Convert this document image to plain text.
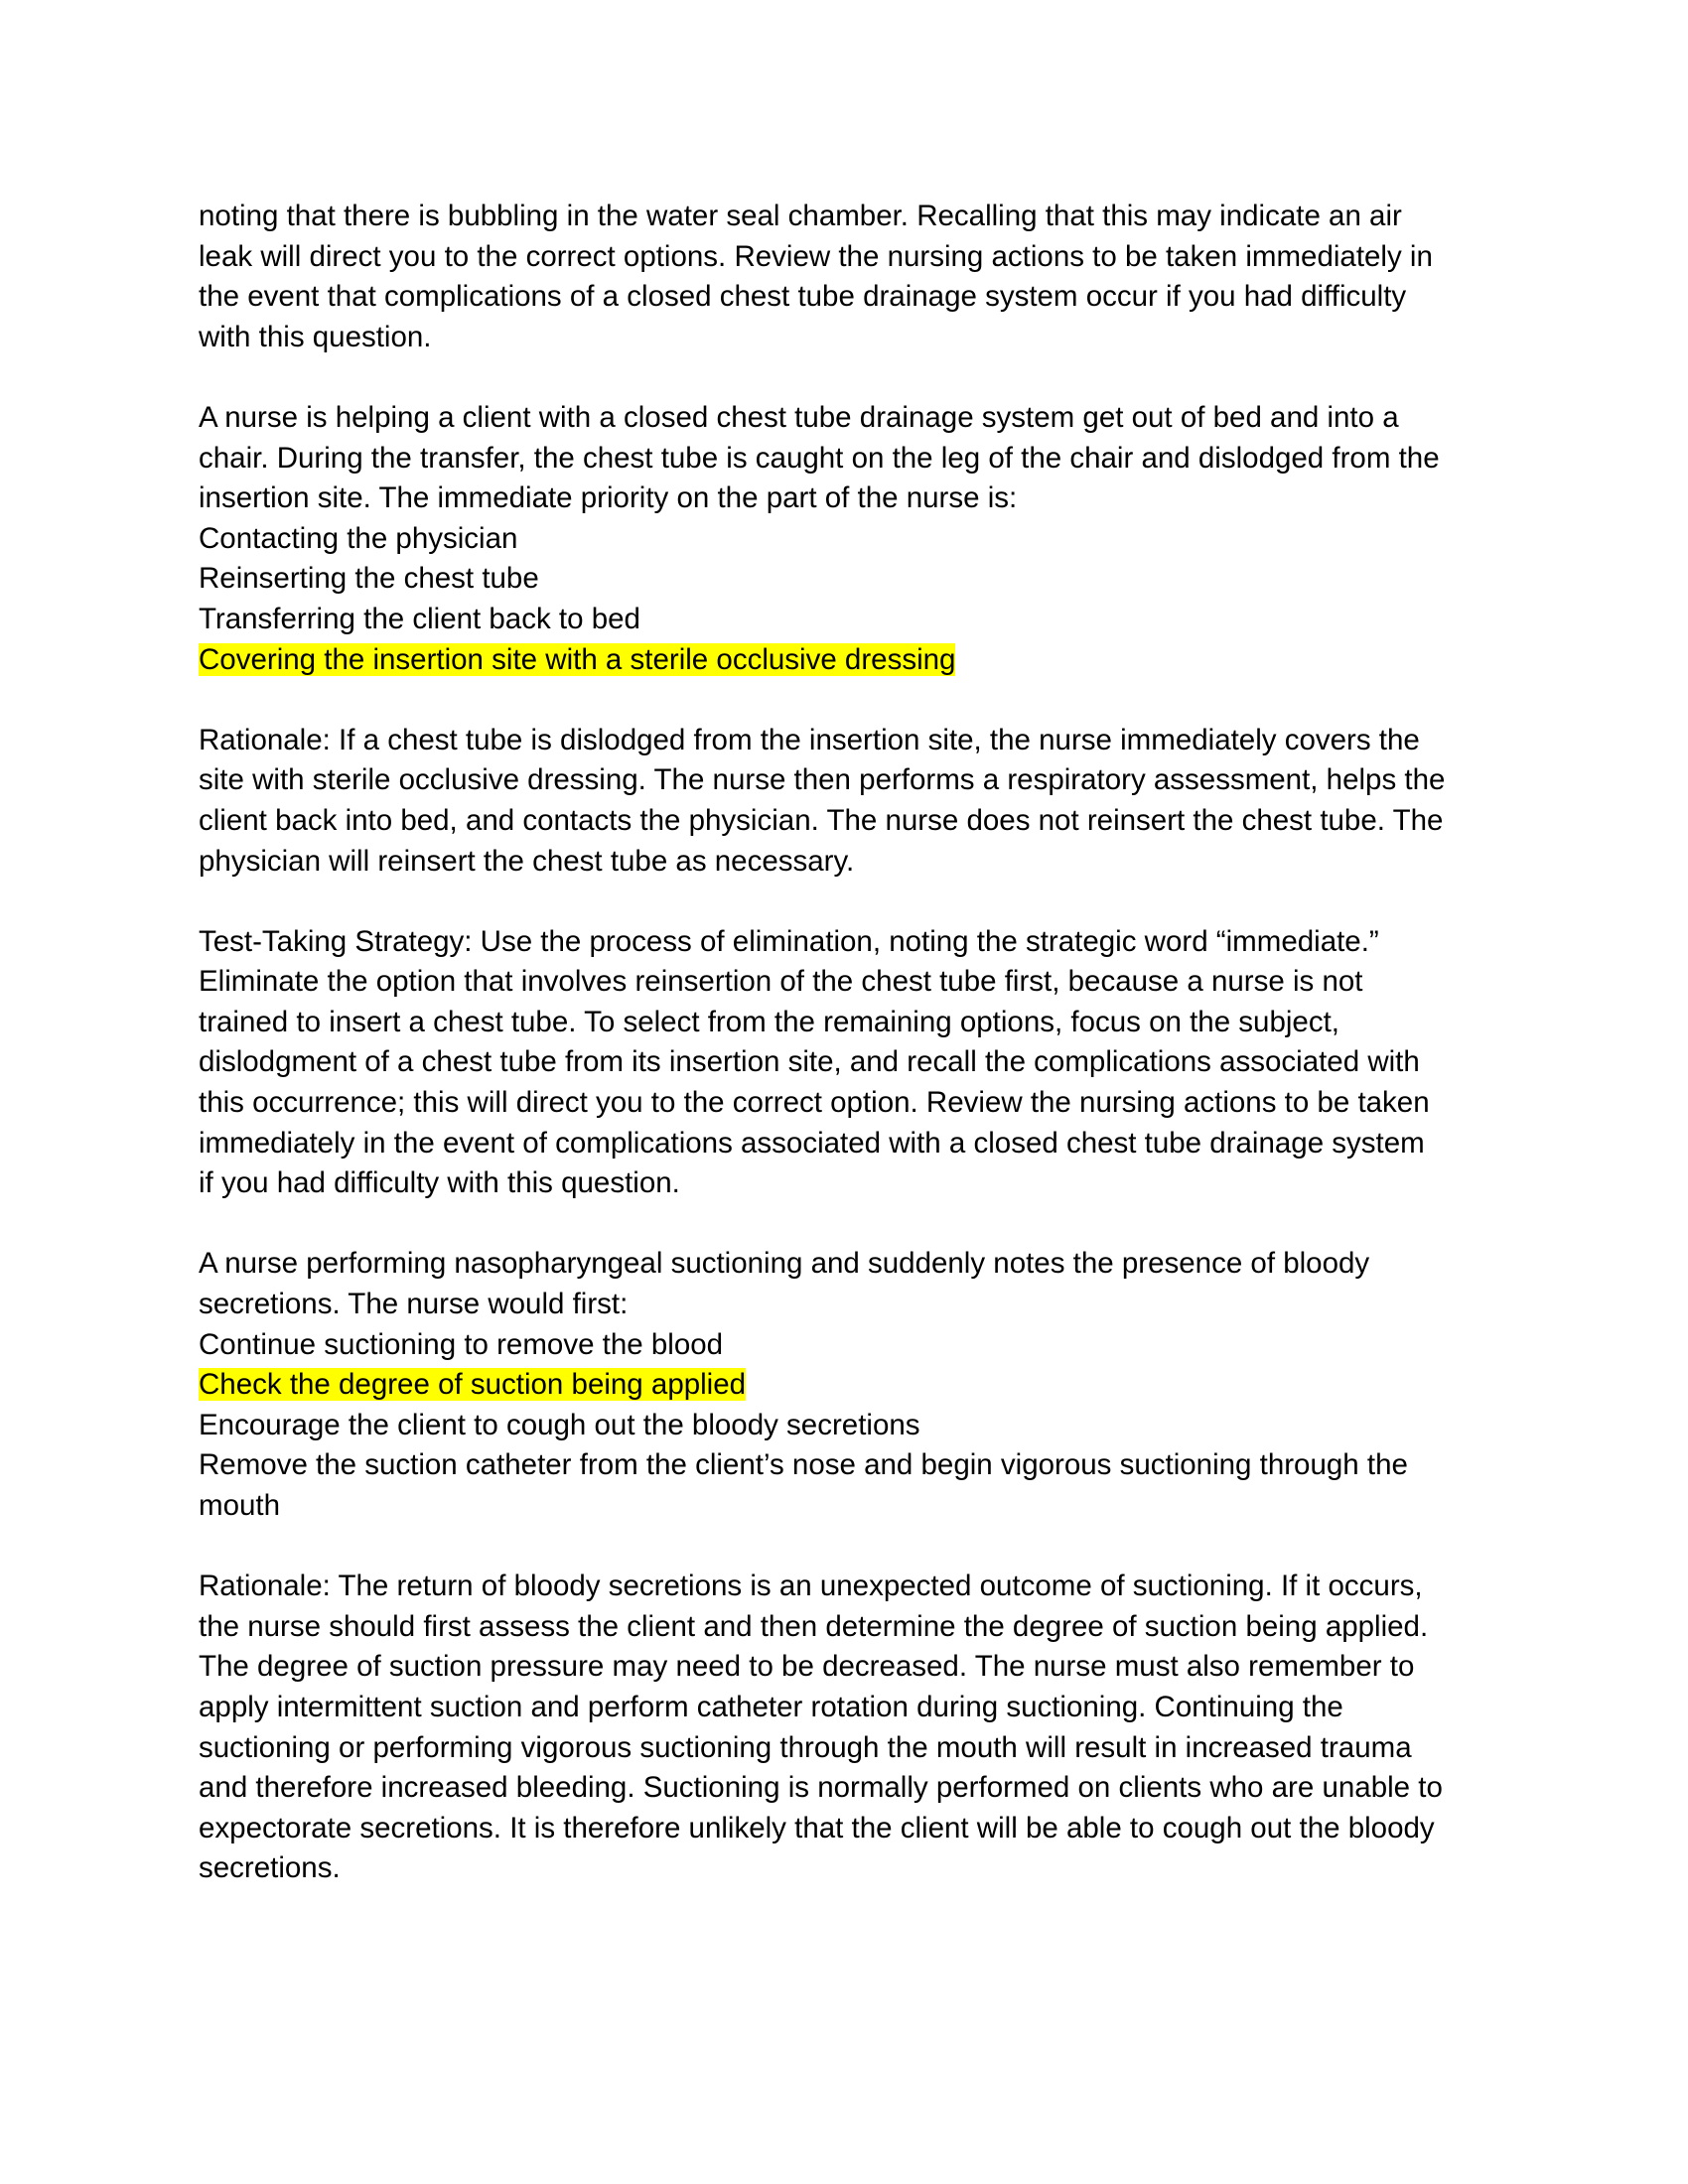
noting that there is bubbling in the water seal chamber. Recalling that this may indicate an air
leak will direct you to the correct options. Review the nursing actions to be taken immediately in
the event that complications of a closed chest tube drainage system occur if you had difficulty
with this question.
A nurse is helping a client with a closed chest tube drainage system get out of bed and into a
chair. During the transfer, the chest tube is caught on the leg of the chair and dislodged from the
insertion site. The immediate priority on the part of the nurse is:
Contacting the physician
Reinserting the chest tube
Transferring the client back to bed
Covering the insertion site with a sterile occlusive dressing
Rationale: If a chest tube is dislodged from the insertion site, the nurse immediately covers the
site with sterile occlusive dressing. The nurse then performs a respiratory assessment, helps the
client back into bed, and contacts the physician. The nurse does not reinsert the chest tube. The
physician will reinsert the chest tube as necessary.
Test-Taking Strategy: Use the process of elimination, noting the strategic word “immediate.”
Eliminate the option that involves reinsertion of the chest tube first, because a nurse is not
trained to insert a chest tube. To select from the remaining options, focus on the subject,
dislodgment of a chest tube from its insertion site, and recall the complications associated with
this occurrence; this will direct you to the correct option. Review the nursing actions to be taken
immediately in the event of complications associated with a closed chest tube drainage system
if you had difficulty with this question.
A nurse performing nasopharyngeal suctioning and suddenly notes the presence of bloody
secretions. The nurse would first:
Continue suctioning to remove the blood
Check the degree of suction being applied
Encourage the client to cough out the bloody secretions
Remove the suction catheter from the client’s nose and begin vigorous suctioning through the
mouth
Rationale: The return of bloody secretions is an unexpected outcome of suctioning. If it occurs,
the nurse should first assess the client and then determine the degree of suction being applied.
The degree of suction pressure may need to be decreased. The nurse must also remember to
apply intermittent suction and perform catheter rotation during suctioning. Continuing the
suctioning or performing vigorous suctioning through the mouth will result in increased trauma
and therefore increased bleeding. Suctioning is normally performed on clients who are unable to
expectorate secretions. It is therefore unlikely that the client will be able to cough out the bloody
secretions.
